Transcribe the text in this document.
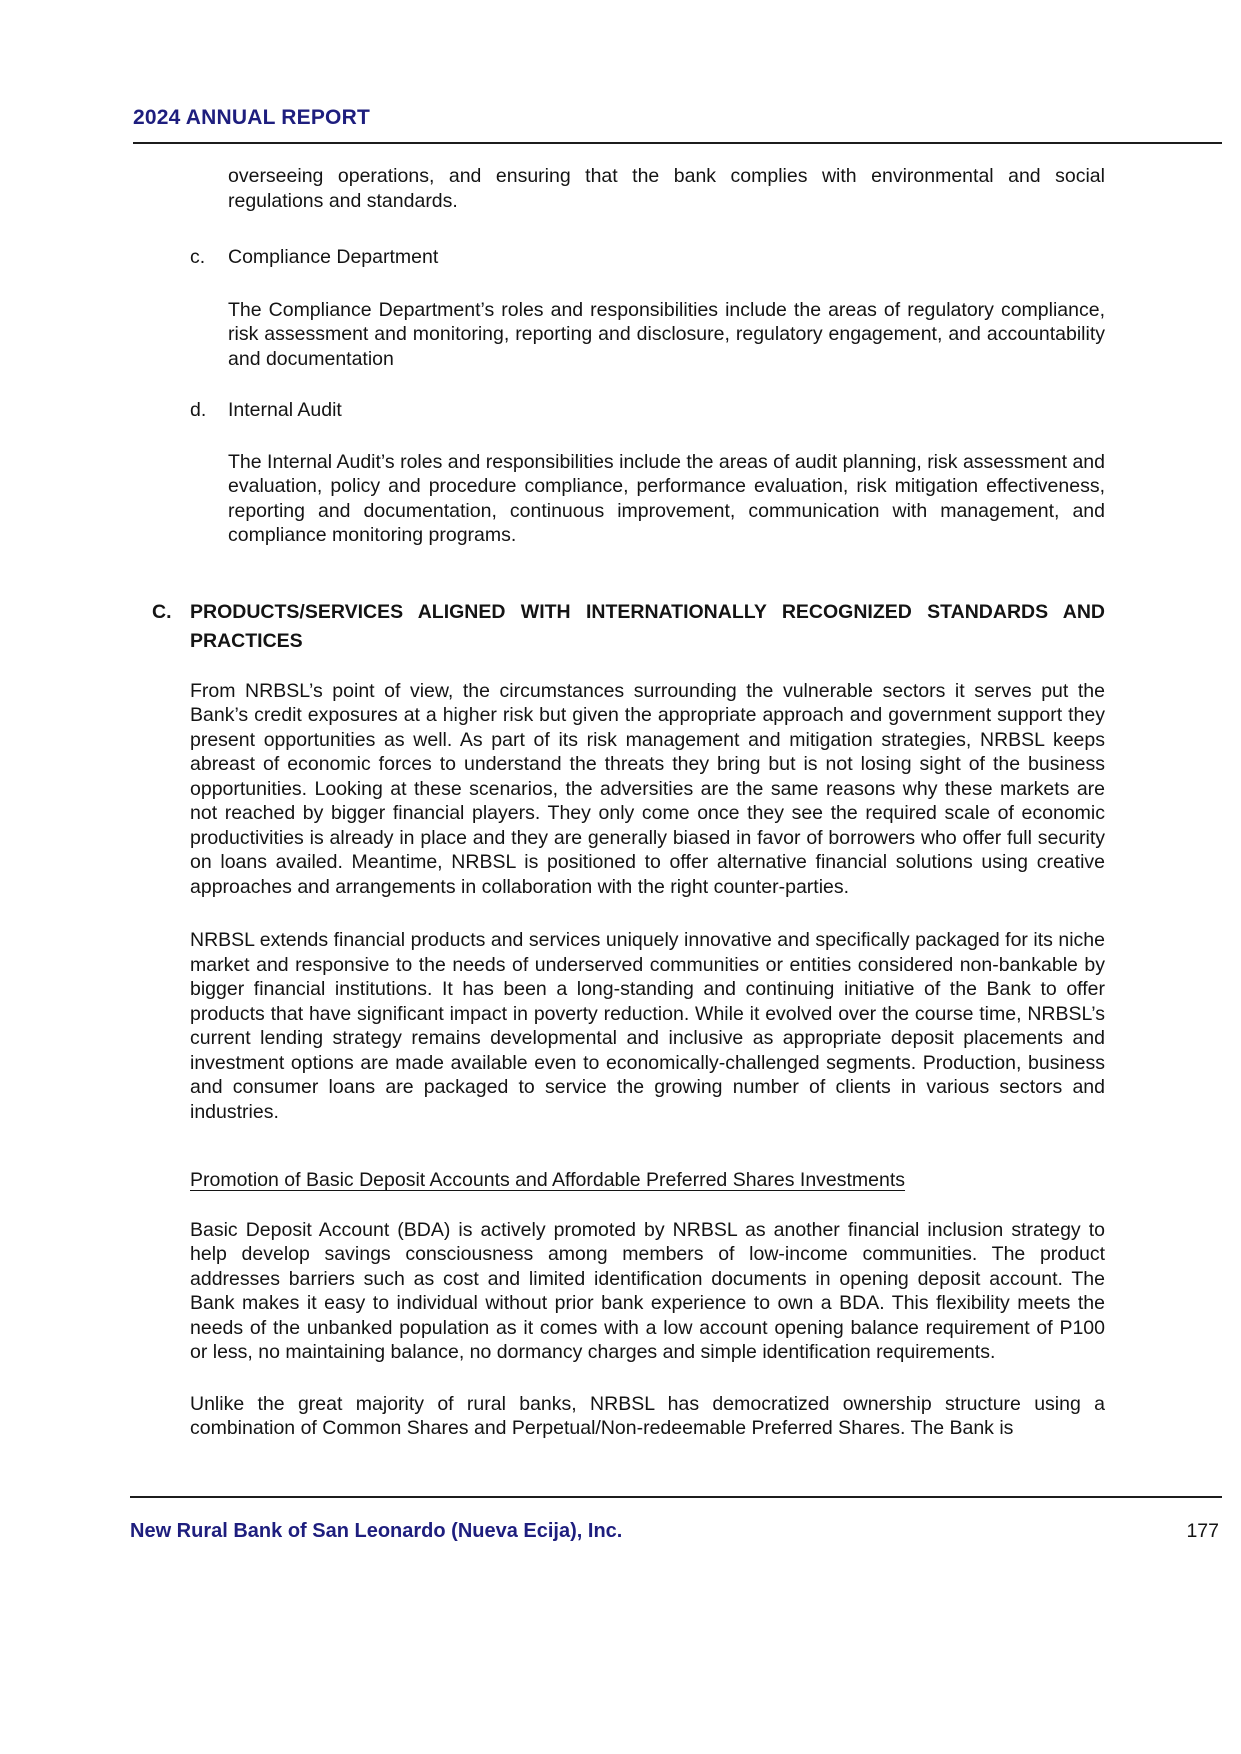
2024 ANNUAL REPORT
overseeing operations, and ensuring that the bank complies with environmental and social regulations and standards.
c.	Compliance Department
The Compliance Department’s roles and responsibilities include the areas of regulatory compliance, risk assessment and monitoring, reporting and disclosure, regulatory engagement, and accountability and documentation
d.	Internal Audit
The Internal Audit’s roles and responsibilities include the areas of audit planning, risk assessment and evaluation, policy and procedure compliance, performance evaluation, risk mitigation effectiveness, reporting and documentation, continuous improvement, communication with management, and compliance monitoring programs.
C. PRODUCTS/SERVICES ALIGNED WITH INTERNATIONALLY RECOGNIZED STANDARDS AND PRACTICES
From NRBSL’s point of view, the circumstances surrounding the vulnerable sectors it serves put the Bank’s credit exposures at a higher risk but given the appropriate approach and government support they present opportunities as well. As part of its risk management and mitigation strategies, NRBSL keeps abreast of economic forces to understand the threats they bring but is not losing sight of the business opportunities. Looking at these scenarios, the adversities are the same reasons why these markets are not reached by bigger financial players. They only come once they see the required scale of economic productivities is already in place and they are generally biased in favor of borrowers who offer full security on loans availed. Meantime, NRBSL is positioned to offer alternative financial solutions using creative approaches and arrangements in collaboration with the right counter-parties.
NRBSL extends financial products and services uniquely innovative and specifically packaged for its niche market and responsive to the needs of underserved communities or entities considered non-bankable by bigger financial institutions. It has been a long-standing and continuing initiative of the Bank to offer products that have significant impact in poverty reduction. While it evolved over the course time, NRBSL’s current lending strategy remains developmental and inclusive as appropriate deposit placements and investment options are made available even to economically-challenged segments. Production, business and consumer loans are packaged to service the growing number of clients in various sectors and industries.
Promotion of Basic Deposit Accounts and Affordable Preferred Shares Investments
Basic Deposit Account (BDA) is actively promoted by NRBSL as another financial inclusion strategy to help develop savings consciousness among members of low-income communities. The product addresses barriers such as cost and limited identification documents in opening deposit account. The Bank makes it easy to individual without prior bank experience to own a BDA. This flexibility meets the needs of the unbanked population as it comes with a low account opening balance requirement of P100 or less, no maintaining balance, no dormancy charges and simple identification requirements.
Unlike the great majority of rural banks, NRBSL has democratized ownership structure using a combination of Common Shares and Perpetual/Non-redeemable Preferred Shares. The Bank is
New Rural Bank of San Leonardo (Nueva Ecija), Inc.	177
